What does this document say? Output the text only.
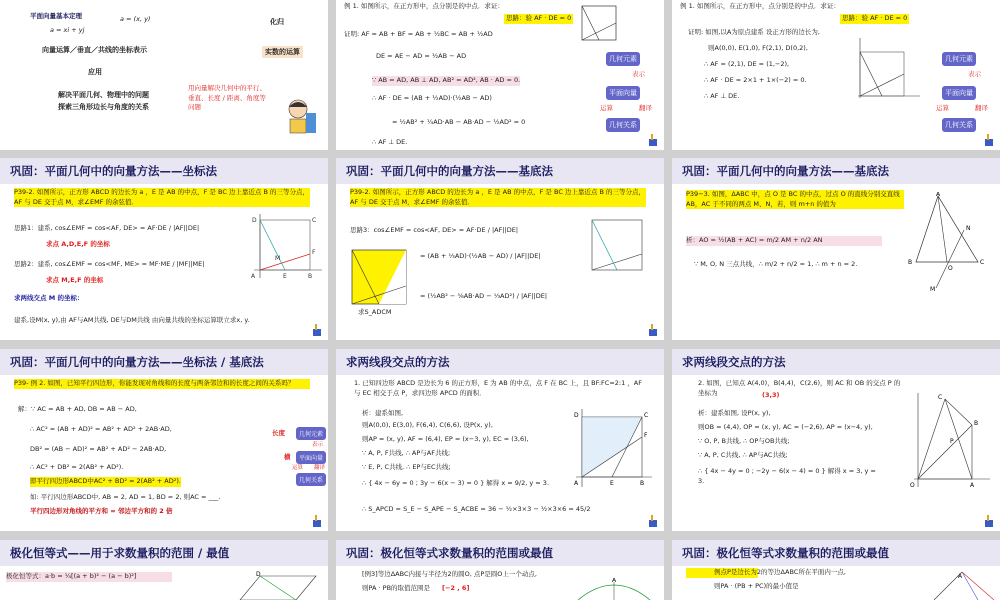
平面向量基本定理
a = xi + yj
a = (x, y)
向量运算／垂直／共线的坐标表示
应用
解决平面几何、物理中的问题
探索三角形边长与角度的关系
化归
实数的运算
用向量解决几何中的平行、垂直、长度 / 距离、角度等问题
例 1. 如图所示，在正方形中，点分别是的中点．求证：
思路：验 AF · DE = 0
证明: AF = AB + BF = AB + ½BC = AB + ½AD
DE = AE − AD = ½AB − AD
∵ AB = AD, AB ⊥ AD, AB² = AD², AB · AD = 0.
∴ AF · DE = (AB + ½AD)·(½AB − AD)
= ½AB² + ¼AD·AB − AB·AD − ½AD² = 0
∴ AF ⊥ DE.
几何元素
表示
平面向量
运算	翻译
几何关系
例 1. 如图所示，在正方形中，点分别是的中点．求证：
思路：验 AF · DE = 0
证明: 如图,以A为原点建系 设正方形的边长为,
则A(0,0), E(1,0), F(2,1), D(0,2),
∴ AF = (2,1), DE = (1,−2),
∴ AF · DE = 2×1 + 1×(−2) = 0.
∴ AF ⊥ DE.
几何元素
表示
平面向量
运算	翻译
几何关系
巩固：平面几何中的向量方法——坐标法
P39-2. 如图所示，正方形 ABCD 的边长为 a ，E 是 AB 的中点，F 是 BC 边上靠近点 B 的三等分点，AF 与 DE 交于点 M，求∠EMF 的余弦值．
思路1：建系, cos∠EMF = cos<AF, DE> = AF·DE / |AF||DE|
求点 A,D,E,F 的坐标
思路2：建系, cos∠EMF = cos<MF, ME> = MF·ME / |MF||ME|
求点 M,E,F 的坐标
求两线交点 M 的坐标：
建系,设M(x, y),由 AF与AM共线, DE与DM共线 由向量共线的坐标运算联立求x, y.
A	E	B
F
D	C
M
巩固：平面几何中的向量方法——基底法
P39-2. 如图所示，正方形 ABCD 的边长为 a ，E 是 AB 的中点，F 是 BC 边上靠近点 B 的三等分点，AF 与 DE 交于点 M，求∠EMF 的余弦值．
思路3：cos∠EMF = cos<AF, DE> = AF·DE / |AF||DE|
= (AB + ⅓AD)·(½AB − AD) / |AF||DE|
= (½AB² − ⅚AB·AD − ⅓AD²) / |AF||DE|
求S_ADCM
巩固：平面几何中的向量方法——基底法
P39−3. 如图，ΔABC 中，点 O 是 BC 的中点，过点 O 的直线分别交直线 AB，AC 于不同的两点 M、N，若，则 m+n 的值为
析：AO = ½(AB + AC) = m/2 AM + n/2 AN
∵ M, O, N 三点共线，∴ m/2 + n/2 = 1, ∴ m + n = 2.
A
B	C
N
M
O
巩固：平面几何中的向量方法——坐标法 / 基底法
P39- 例 2. 如图，已知平行四边形，你能发现对角线和的长度与两条邻边和的长度之间的关系吗？
解：∵ AC = AB + AD, DB = AB − AD,
∴ AC² = (AB + AD)² = AB² + AD² + 2AB·AD,
DB² = (AB − AD)² = AB² + AD² − 2AB·AD,
∴ AC² + DB² = 2(AB² + AD²).
即平行四边形ABCD中AC² + BD² = 2(AB² + AD²).
如: 平行四边形ABCD中, AB = 2, AD = 1, BD = 2, 则AC = ___.
平行四边形对角线的平方和 = 邻边平方和的 2 倍
长度
横
几何元素
表示
平面向量
运算 翻译
几何关系
求两线段交点的方法
1. 已知四边形 ABCD 是边长为 6 的正方形，E 为 AB 的中点，点 F 在 BC 上，且 BF:FC=2:1 ，AF 与 EC 相交于点 P，求四边形 APCD 的面积．
析：建系如图,
则A(0,0), E(3,0), F(6,4), C(6,6), 设P(x, y),
则AP = (x, y), AF = (6,4), EP = (x−3, y), EC = (3,6),
∵ A, P, F共线, ∴ AP与AF共线;
∵ E, P, C共线, ∴ EP与EC共线;
∴ { 4x − 6y = 0 ; 3y − 6(x − 3) = 0 } 解得 x = 9/2, y = 3.
∴ S_APCD = S_E − S_APE − S_ACBE = 36 − ½×3×3 − ½×3×6 = 45/2
A	E	B
F
D	C
求两线段交点的方法
2. 如图，已知点 A(4,0)，B(4,4)，C(2,6)，则 AC 和 OB 的交点 P 的坐标为	(3,3)
析：建系如图, 设P(x, y),
则OB = (4,4), OP = (x, y), AC = (−2,6), AP = (x−4, y),
∵ O, P, B共线, ∴ OP与OB共线;
∵ A, P, C共线, ∴ AP与AC共线;
∴ { 4x − 4y = 0 ; −2y − 6(x − 4) = 0 } 解得 x = 3, y = 3.
O	A
B
C
P
极化恒等式——用于求数量积的范围 / 最值
极化恒等式：a·b = ¼[(a + b)² − (a − b)²]	D
巩固：极化恒等式求数量积的范围或最值
[例3]等边ΔABC内接与半径为2的圆O, 点P是圆O上一个动点,
则PA · PB的取值范围是 [−2 , 6]
A
巩固：极化恒等式求数量积的范围或最值
例点P是边长为2的等边ΔABC所在平面内一点,
则PA · (PB + PC)的最小值是
A
